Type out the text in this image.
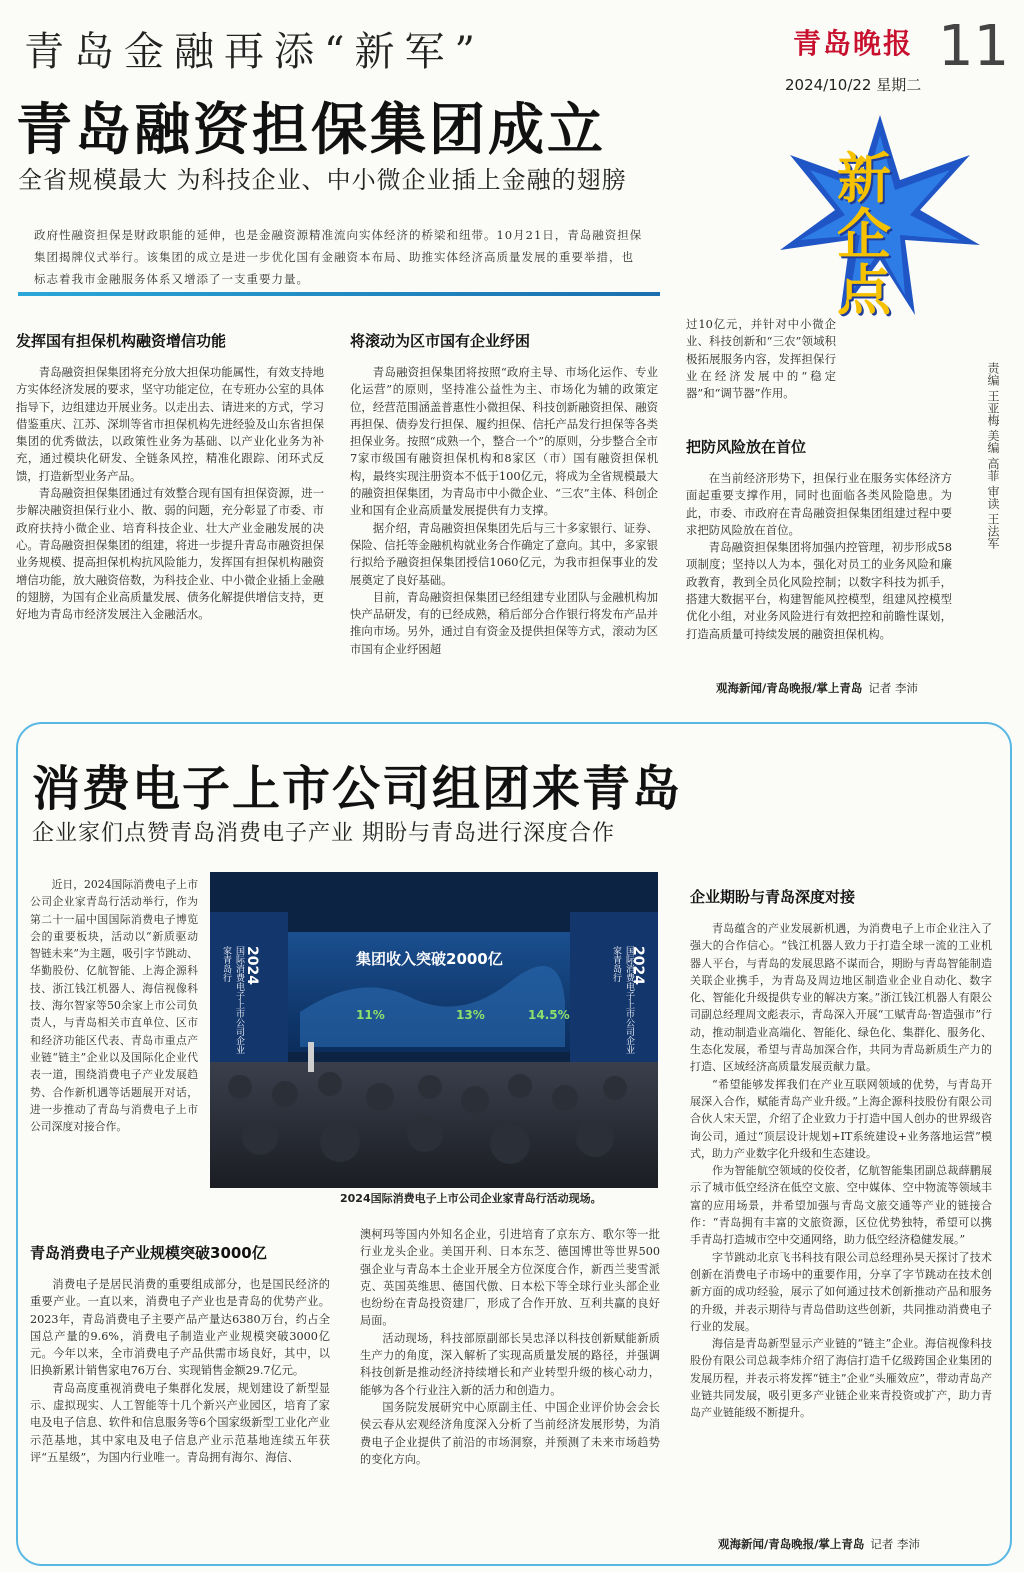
青岛金融再添“新军”
青岛融资担保集团成立
全省规模最大 为科技企业、中小微企业插上金融的翅膀
青岛晚报 11
2024/10/22 星期二
新企点
政府性融资担保是财政职能的延伸，也是金融资源精准流向实体经济的桥梁和纽带。10月21日，青岛融资担保集团揭牌仪式举行。该集团的成立是进一步优化国有金融资本布局、助推实体经济高质量发展的重要举措，也标志着我市金融服务体系又增添了一支重要力量。
发挥国有担保机构融资增信功能

青岛融资担保集团将充分放大担保功能属性，有效支持地方实体经济发展的要求，坚守功能定位，在专班办公室的具体指导下，边组建边开展业务。以走出去、请进来的方式，学习借鉴重庆、江苏、深圳等省市担保机构先进经验及山东省担保集团的优秀做法，以政策性业务为基础、以产业化业务为补充，通过模块化研发、全链条风控，精准化跟踪、闭环式反馈，打造新型业务产品。

青岛融资担保集团通过有效整合现有国有担保资源，进一步解决融资担保行业小、散、弱的问题，充分彰显了市委、市政府扶持小微企业、培育科技企业、壮大产业金融发展的决心。青岛融资担保集团的组建，将进一步提升青岛市融资担保业务规模、提高担保机构抗风险能力，发挥国有担保机构融资增信功能，放大融资倍数，为科技企业、中小微企业插上金融的翅膀，为国有企业高质量发展、债务化解提供增信支持，更好地为青岛市经济发展注入金融活水。

将滚动为区市国有企业纾困

青岛融资担保集团将按照“政府主导、市场化运作、专业化运营”的原则，坚持准公益性为主、市场化为辅的政策定位，经营范围涵盖普惠性小微担保、科技创新融资担保、融资再担保、债券发行担保、履约担保、信托产品发行担保等各类担保业务。按照“成熟一个，整合一个”的原则，分步整合全市7家市级国有融资担保机构和8家区（市）国有融资担保机构，最终实现注册资本不低于100亿元，将成为全省规模最大的融资担保集团，为青岛市中小微企业、“三农”主体、科创企业和国有企业高质量发展提供有力支撑。

据介绍，青岛融资担保集团先后与三十多家银行、证券、保险、信托等金融机构就业务合作确定了意向。其中，多家银行拟给予融资担保集团授信1060亿元，为我市担保事业的发展奠定了良好基础。

目前，青岛融资担保集团已经组建专业团队与金融机构加快产品研发，有的已经成熟，稍后部分合作银行将发布产品并推向市场。另外，通过自有资金及提供担保等方式，滚动为区市国有企业纾困超

过10亿元，并针对中小微企业、科技创新和“三农”领域积极拓展服务内容，发挥担保行业在经济发展中的“稳定器”和“调节器”作用。
把防风险放在首位

在当前经济形势下，担保行业在服务实体经济方面起重要支撑作用，同时也面临各类风险隐患。为此，市委、市政府在青岛融资担保集团组建过程中要求把防风险放在首位。

青岛融资担保集团将加强内控管理，初步形成58项制度；坚持以人为本，强化对员工的业务风险和廉政教育，教到全员化风险控制；以数字科技为抓手，搭建大数据平台，构建智能风控模型，组建风控模型优化小组，对业务风险进行有效把控和前瞻性谋划，打造高质量可持续发展的融资担保机构。

观海新闻/青岛晚报/掌上青岛 记者 李沛
责编 王亚梅 美编 高菲 审读 王法军
消费电子上市公司组团来青岛
企业家们点赞青岛消费电子产业 期盼与青岛进行深度合作

近日，2024国际消费电子上市公司企业家青岛行活动举行，作为第二十一届中国国际消费电子博览会的重要板块，活动以“新质驱动 智链未来”为主题，吸引字节跳动、华勤股份、亿航智能、上海企源科技、浙江钱江机器人、海信视像科技、海尔智家等50余家上市公司负责人，与青岛相关市直单位、区市和经济功能区代表、青岛市重点产业链“链主”企业以及国际化企业代表一道，围绕消费电子产业发展趋势、合作新机遇等话题展开对话，进一步推动了青岛与消费电子上市公司深度对接合作。

集团收入突破2000亿
11%	13%	14.5%
2024
国际消费电子上市公司企业家青岛行	2024
国际消费电子上市公司企业家青岛行
2024国际消费电子上市公司企业家青岛行活动现场。
青岛消费电子产业规模突破3000亿

消费电子是居民消费的重要组成部分，也是国民经济的重要产业。一直以来，消费电子产业也是青岛的优势产业。2023年，青岛消费电子主要产品产量达6380万台，约占全国总产量的9.6%，消费电子制造业产业规模突破3000亿元。今年以来，全市消费电子产品供需市场良好，其中，以旧换新累计销售家电76万台、实现销售金额29.7亿元。

青岛高度重视消费电子集群化发展，规划建设了新型显示、虚拟现实、人工智能等十几个新兴产业园区，培育了家电及电子信息、软件和信息服务等6个国家级新型工业化产业示范基地，其中家电及电子信息产业示范基地连续五年获评“五星级”，为国内行业唯一。青岛拥有海尔、海信、

澳柯玛等国内外知名企业，引进培育了京东方、歌尔等一批行业龙头企业。美国开利、日本东芝、德国博世等世界500强企业与青岛本土企业开展全方位深度合作，新西兰斐雪派克、英国英维思、德国代傲、日本松下等全球行业头部企业也纷纷在青岛投资建厂，形成了合作开放、互利共赢的良好局面。

活动现场，科技部原副部长吴忠泽以科技创新赋能新质生产力的角度，深入解析了实现高质量发展的路径，并强调科技创新是推动经济持续增长和产业转型升级的核心动力，能够为各个行业注入新的活力和创造力。

国务院发展研究中心原副主任、中国企业评价协会会长侯云春从宏观经济角度深入分析了当前经济发展形势，为消费电子企业提供了前沿的市场洞察，并预测了未来市场趋势的变化方向。

企业期盼与青岛深度对接

青岛蕴含的产业发展新机遇，为消费电子上市企业注入了强大的合作信心。“钱江机器人致力于打造全球一流的工业机器人平台，与青岛的发展思路不谋而合，期盼与青岛智能制造关联企业携手，为青岛及周边地区制造业企业自动化、数字化、智能化升级提供专业的解决方案。”浙江钱江机器人有限公司副总经理周文彪表示，青岛深入开展“工赋青岛·智造强市”行动，推动制造业高端化、智能化、绿色化、集群化、服务化、生态化发展，希望与青岛加深合作，共同为青岛新质生产力的打造、区域经济高质量发展贡献力量。

“希望能够发挥我们在产业互联网领域的优势，与青岛开展深入合作，赋能青岛产业升级。”上海企源科技股份有限公司合伙人宋天罡，介绍了企业致力于打造中国人创办的世界级咨询公司，通过“顶层设计规划+IT系统建设+业务落地运营”模式，助力产业数字化升级和生态建设。

作为智能航空领域的佼佼者，亿航智能集团副总裁薛鹏展示了城市低空经济在低空文旅、空中媒体、空中物流等领域丰富的应用场景，并希望加强与青岛文旅交通等产业的链接合作：“青岛拥有丰富的文旅资源，区位优势独特，希望可以携手青岛打造城市空中交通网络，助力低空经济稳健发展。”

字节跳动北京飞书科技有限公司总经理孙昊天探讨了技术创新在消费电子市场中的重要作用，分享了字节跳动在技术创新方面的成功经验，展示了如何通过技术创新推动产品和服务的升级，并表示期待与青岛借助这些创新，共同推动消费电子行业的发展。

海信是青岛新型显示产业链的“链主”企业。海信视像科技股份有限公司总裁李炜介绍了海信打造千亿级跨国企业集团的发展历程，并表示将发挥“链主”企业“头雁效应”，带动青岛产业链共同发展，吸引更多产业链企业来青投资或扩产，助力青岛产业链能级不断提升。

观海新闻/青岛晚报/掌上青岛 记者 李沛
